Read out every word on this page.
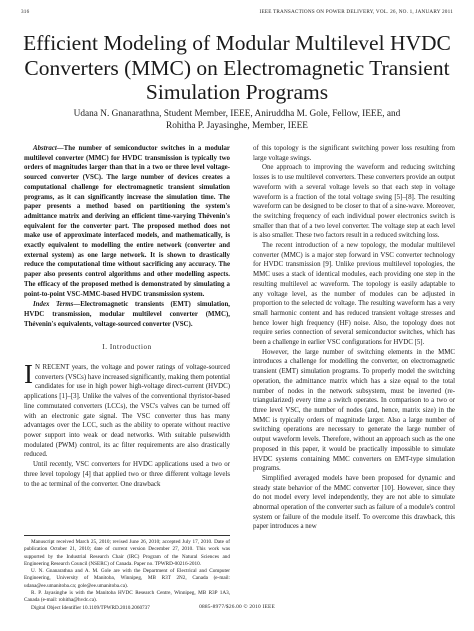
316	IEEE TRANSACTIONS ON POWER DELIVERY, VOL. 26, NO. 1, JANUARY 2011
Efficient Modeling of Modular Multilevel HVDC
Converters (MMC) on Electromagnetic Transient
Simulation Programs
Udana N. Gnanarathna, Student Member, IEEE, Aniruddha M. Gole, Fellow, IEEE, and
Rohitha P. Jayasinghe, Member, IEEE

Abstract—The number of semiconductor switches in a modular multilevel converter (MMC) for HVDC transmission is typically two orders of magnitudes larger than that in a two or three level voltage-sourced converter (VSC). The large number of devices creates a computational challenge for electromagnetic transient simulation programs, as it can significantly increase the simulation time. The paper presents a method based on partitioning the system's admittance matrix and deriving an efficient time-varying Thévenin's equivalent for the converter part. The proposed method does not make use of approximate interfaced models, and mathematically, is exactly equivalent to modelling the entire network (converter and external system) as one large network. It is shown to drastically reduce the computational time without sacrificing any accuracy. The paper also presents control algorithms and other modelling aspects. The efficacy of the proposed method is demonstrated by simulating a point-to-point VSC-MMC-based HVDC transmission system.

Index Terms—Electromagnetic transients (EMT) simulation, HVDC transmission, modular multilevel converter (MMC), Thévenin's equivalents, voltage-sourced converter (VSC).

I. Introduction

I N RECENT years, the voltage and power ratings of voltage-sourced converters (VSCs) have increased significantly, making them potential candidates for use in high power high-voltage direct-current (HVDC) applications [1]–[3]. Unlike the valves of the conventional thyristor-based line commutated converters (LCCs), the VSC's valves can be turned off with an electronic gate signal. The VSC converter thus has many advantages over the LCC, such as the ability to operate without reactive power support into weak or dead networks. With suitable pulsewidth modulated (PWM) control, its ac filter requirements are also drastically reduced.

Until recently, VSC converters for HVDC applications used a two or three level topology [4] that applied two or three different voltage levels to the ac terminal of the converter. One drawback

Manuscript received March 25, 2010; revised June 26, 2010; accepted July 17, 2010. Date of publication October 21, 2010; date of current version December 27, 2010. This work was supported by the Industrial Research Chair (IRC) Program of the Natural Sciences and Engineering Research Council (NSERC) of Canada. Paper no. TPWRD-00216-2010.

U. N. Gnanarathna and A. M. Gole are with the Department of Electrical and Computer Engineering, University of Manitoba, Winnipeg, MB R3T 2N2, Canada (e-mail: udana@ee.umanitoba.ca; gole@ee.umanitoba.ca).

R. P. Jayasinghe is with the Manitoba HVDC Research Centre, Winnipeg, MB R3P 1A3, Canada (e-mail: rohitha@hvdc.ca).

Digital Object Identifier 10.1109/TPWRD.2010.2060737

of this topology is the significant switching power loss resulting from large voltage swings.

One approach to improving the waveform and reducing switching losses is to use multilevel converters. These converters provide an output waveform with a several voltage levels so that each step in voltage waveform is a fraction of the total voltage swing [5]–[8]. The resulting waveform can be designed to be closer to that of a sine-wave. Moreover, the switching frequency of each individual power electronics switch is smaller than that of a two level converter. The voltage step at each level is also smaller. These two factors result in a reduced switching loss.

The recent introduction of a new topology, the modular multilevel converter (MMC) is a major step forward in VSC converter technology for HVDC transmission [9]. Unlike previous multilevel topologies, the MMC uses a stack of identical modules, each providing one step in the resulting multilevel ac waveform. The topology is easily adaptable to any voltage level, as the number of modules can be adjusted in proportion to the selected dc voltage. The resulting waveform has a very small harmonic content and has reduced transient voltage stresses and hence lower high frequency (HF) noise. Also, the topology does not require series connection of several semiconductor switches, which has been a challenge in earlier VSC configurations for HVDC [5].

However, the large number of switching elements in the MMC introduces a challenge for modelling the converter, on electromagnetic transient (EMT) simulation programs. To properly model the switching operation, the admittance matrix which has a size equal to the total number of nodes in the network subsystem, must be inverted (re-triangularized) every time a switch operates. In comparison to a two or three level VSC, the number of nodes (and, hence, matrix size) in the MMC is typically orders of magnitude larger. Also a large number of switching operations are necessary to generate the large number of output waveform levels. Therefore, without an approach such as the one proposed in this paper, it would be practically impossible to simulate HVDC systems containing MMC converters on EMT-type simulation programs.

Simplified averaged models have been proposed for dynamic and steady state behavior of the MMC converter [10]. However, since they do not model every level independently, they are not able to simulate abnormal operation of the converter such as failure of a module's control system or failure of the module itself. To overcome this drawback, this paper introduces a new

0885-8977/$26.00 © 2010 IEEE
